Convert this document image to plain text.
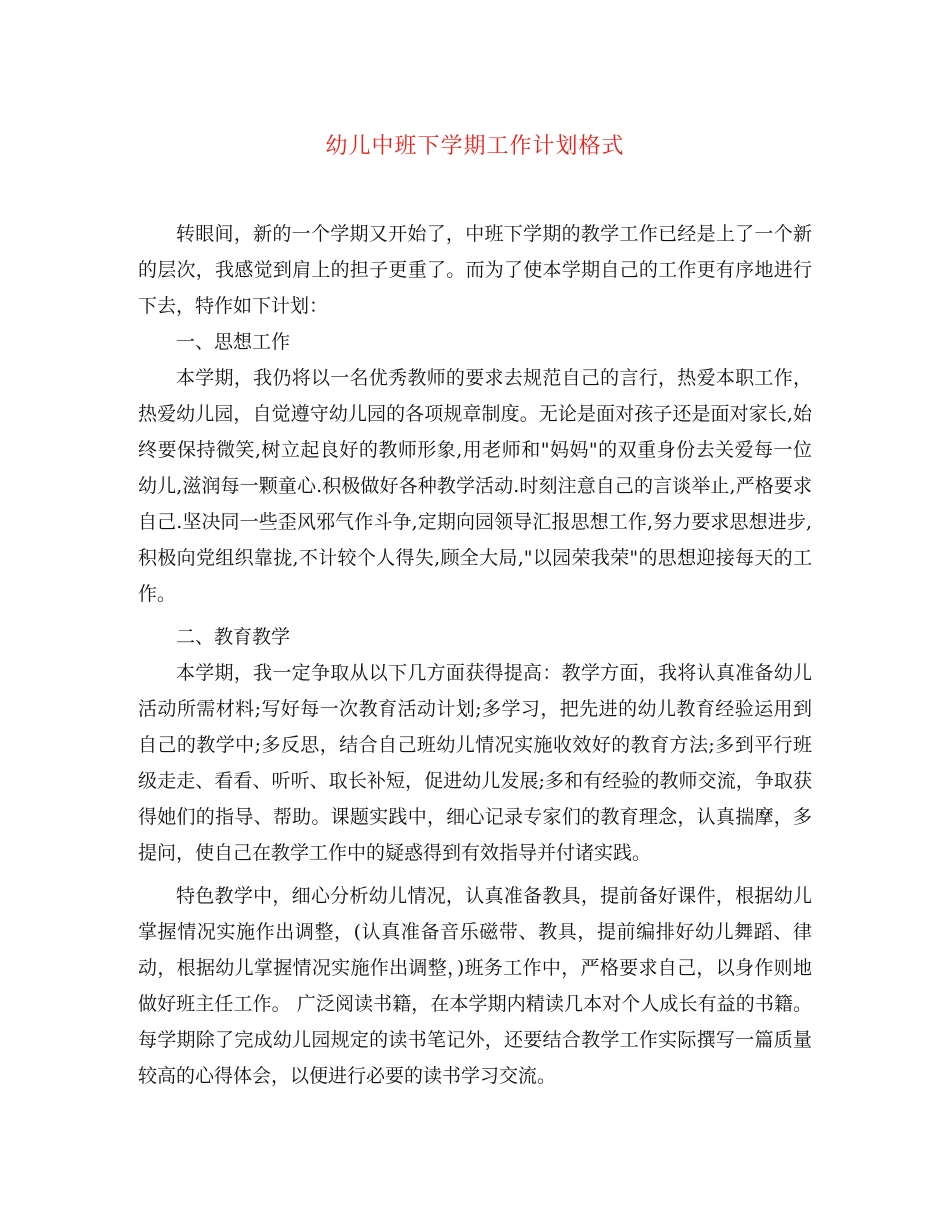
幼儿中班下学期工作计划格式

转眼间，新的一个学期又开始了，中班下学期的教学工作已经是上了一个新的层次，我感觉到肩上的担子更重了。而为了使本学期自己的工作更有序地进行下去，特作如下计划：

一、思想工作

本学期，我仍将以一名优秀教师的要求去规范自己的言行，热爱本职工作，热爱幼儿园，自觉遵守幼儿园的各项规章制度。无论是面对孩子还是面对家长,始终要保持微笑,树立起良好的教师形象,用老师和"妈妈"的双重身份去关爱每一位幼儿,滋润每一颗童心.积极做好各种教学活动.时刻注意自己的言谈举止,严格要求自己.坚决同一些歪风邪气作斗争,定期向园领导汇报思想工作,努力要求思想进步,积极向党组织靠拢,不计较个人得失,顾全大局,"以园荣我荣"的思想迎接每天的工作。

二、教育教学

本学期，我一定争取从以下几方面获得提高：教学方面，我将认真准备幼儿活动所需材料;写好每一次教育活动计划;多学习，把先进的幼儿教育经验运用到自己的教学中;多反思，结合自己班幼儿情况实施收效好的教育方法;多到平行班级走走、看看、听听、取长补短，促进幼儿发展;多和有经验的教师交流，争取获得她们的指导、帮助。课题实践中，细心记录专家们的教育理念，认真揣摩，多提问，使自己在教学工作中的疑惑得到有效指导并付诸实践。

特色教学中，细心分析幼儿情况，认真准备教具，提前备好课件，根据幼儿掌握情况实施作出调整，(认真准备音乐磁带、教具，提前编排好幼儿舞蹈、律动，根据幼儿掌握情况实施作出调整，)班务工作中，严格要求自己，以身作则地做好班主任工作。 广泛阅读书籍，在本学期内精读几本对个人成长有益的书籍。每学期除了完成幼儿园规定的读书笔记外，还要结合教学工作实际撰写一篇质量较高的心得体会，以便进行必要的读书学习交流。
